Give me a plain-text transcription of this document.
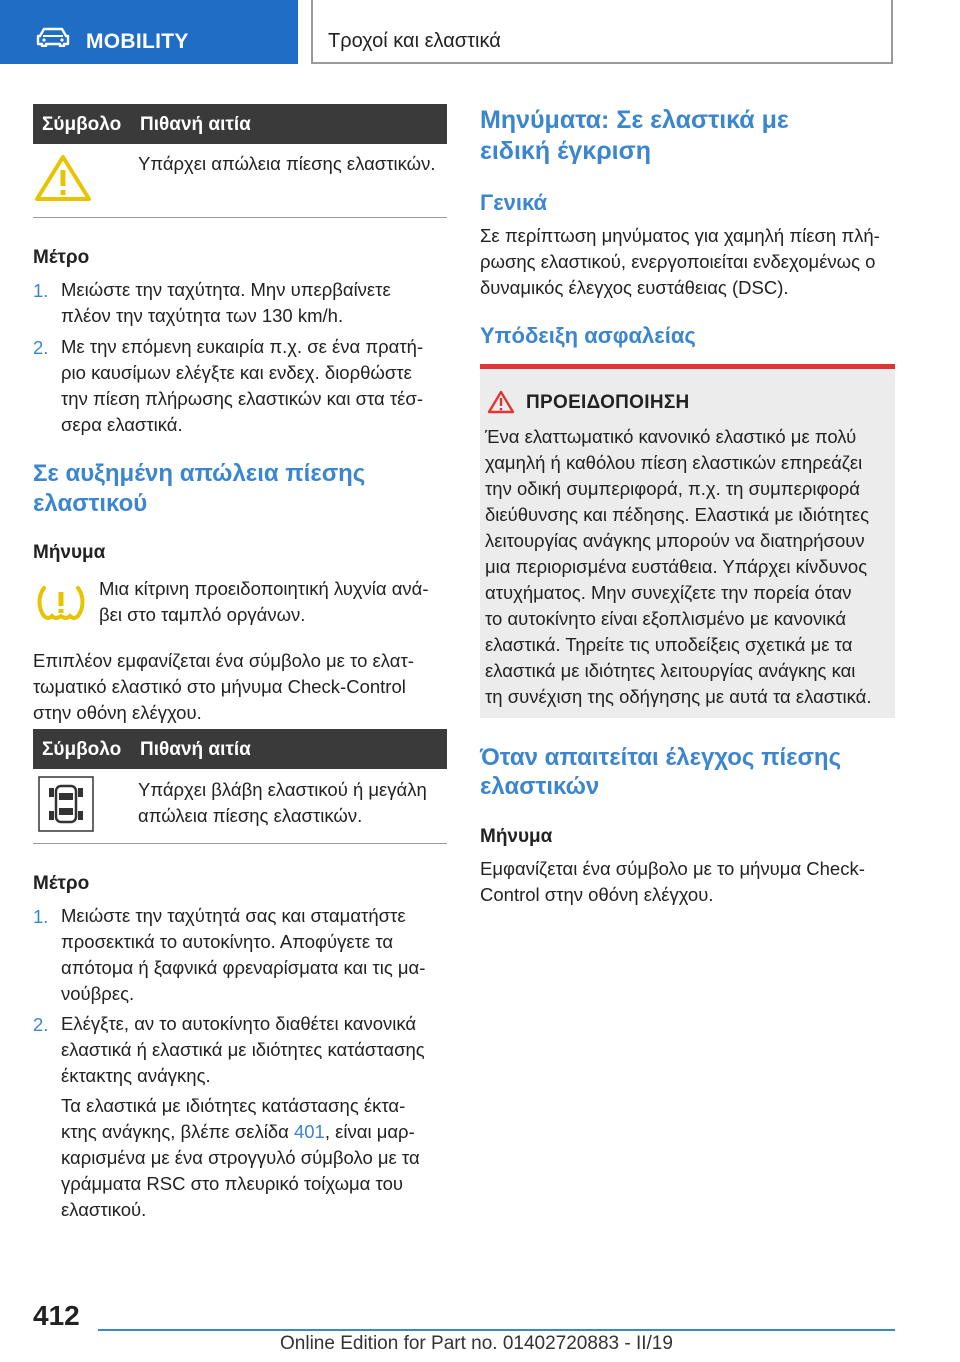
MOBILITY	Τροχοί και ελαστικά
Σύμβολο Πιθανή αιτία
Υπάρχει απώλεια πίεσης ελαστικών.
Μέτρο
1. Μειώστε την ταχύτητα. Μην υπερβαίνετε
πλέον την ταχύτητα των 130 km/h.
2. Με την επόμενη ευκαιρία π.χ. σε ένα πρατή-
ριο καυσίμων ελέγξτε και ενδεχ. διορθώστε
την πίεση πλήρωσης ελαστικών και στα τέσ-
σερα ελαστικά.
Σε αυξημένη απώλεια πίεσης
ελαστικού
Μήνυμα
Μια κίτρινη προειδοποιητική λυχνία ανά-
βει στο ταμπλό οργάνων.
Επιπλέον εμφανίζεται ένα σύμβολο με το ελατ-
τωματικό ελαστικό στο μήνυμα Check-Control
στην οθόνη ελέγχου.
Σύμβολο Πιθανή αιτία
Υπάρχει βλάβη ελαστικού ή μεγάλη
απώλεια πίεσης ελαστικών.
Μέτρο
1. Μειώστε την ταχύτητά σας και σταματήστε
προσεκτικά το αυτοκίνητο. Αποφύγετε τα
απότομα ή ξαφνικά φρεναρίσματα και τις μα-
νούβρες.
2. Ελέγξτε, αν το αυτοκίνητο διαθέτει κανονικά
ελαστικά ή ελαστικά με ιδιότητες κατάστασης
έκτακτης ανάγκης.
Τα ελαστικά με ιδιότητες κατάστασης έκτα-
κτης ανάγκης, βλέπε σελίδα 401, είναι μαρ-
καρισμένα με ένα στρογγυλό σύμβολο με τα
γράμματα RSC στο πλευρικό τοίχωμα του
ελαστικού.
Μηνύματα: Σε ελαστικά με
ειδική έγκριση
Γενικά
Σε περίπτωση μηνύματος για χαμηλή πίεση πλή-
ρωσης ελαστικού, ενεργοποιείται ενδεχομένως ο
δυναμικός έλεγχος ευστάθειας (DSC).
Υπόδειξη ασφαλείας
ΠΡΟΕΙΔΟΠΟΙΗΣΗ
Ένα ελαττωματικό κανονικό ελαστικό με πολύ
χαμηλή ή καθόλου πίεση ελαστικών επηρεάζει
την οδική συμπεριφορά, π.χ. τη συμπεριφορά
διεύθυνσης και πέδησης. Ελαστικά με ιδιότητες
λειτουργίας ανάγκης μπορούν να διατηρήσουν
μια περιορισμένα ευστάθεια. Υπάρχει κίνδυνος
ατυχήματος. Μην συνεχίζετε την πορεία όταν
το αυτοκίνητο είναι εξοπλισμένο με κανονικά
ελαστικά. Τηρείτε τις υποδείξεις σχετικά με τα
ελαστικά με ιδιότητες λειτουργίας ανάγκης και
τη συνέχιση της οδήγησης με αυτά τα ελαστικά.
Όταν απαιτείται έλεγχος πίεσης
ελαστικών
Μήνυμα
Εμφανίζεται ένα σύμβολο με το μήνυμα Check-
Control στην οθόνη ελέγχου.
412
Online Edition for Part no. 01402720883 - II/19
